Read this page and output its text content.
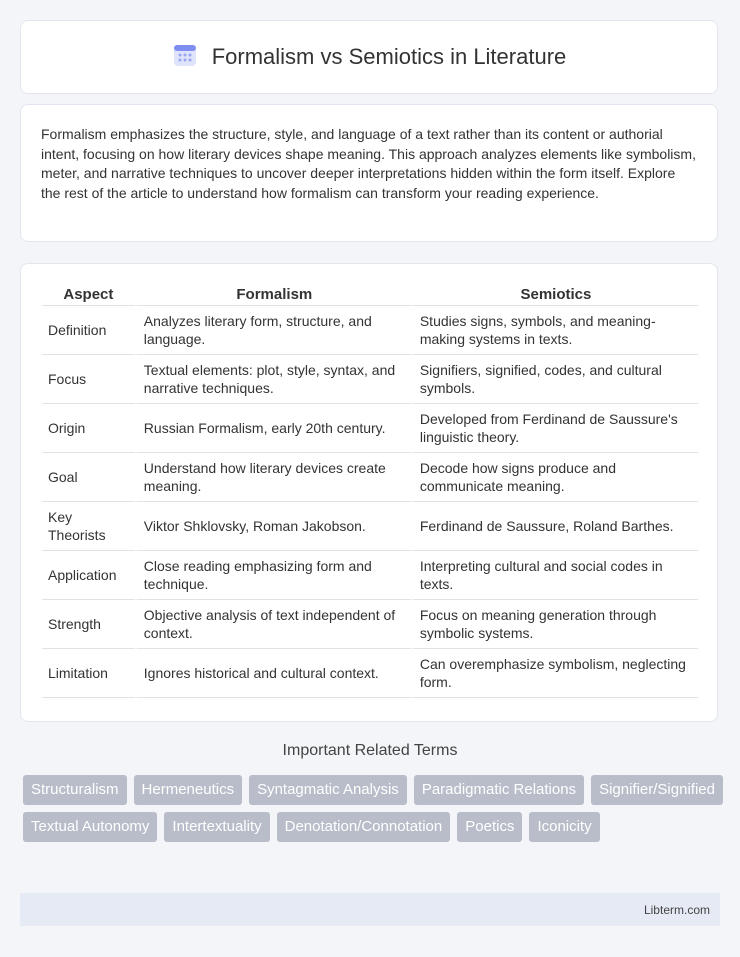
Formalism vs Semiotics in Literature
Formalism emphasizes the structure, style, and language of a text rather than its content or authorial intent, focusing on how literary devices shape meaning. This approach analyzes elements like symbolism, meter, and narrative techniques to uncover deeper interpretations hidden within the form itself. Explore the rest of the article to understand how formalism can transform your reading experience.
Aspect	Formalism	Semiotics
Definition	Analyzes literary form, structure, and language.	Studies signs, symbols, and meaning-making systems in texts.
Focus	Textual elements: plot, style, syntax, and narrative techniques.	Signifiers, signified, codes, and cultural symbols.
Origin	Russian Formalism, early 20th century.	Developed from Ferdinand de Saussure's linguistic theory.
Goal	Understand how literary devices create meaning.	Decode how signs produce and communicate meaning.
Key Theorists	Viktor Shklovsky, Roman Jakobson.	Ferdinand de Saussure, Roland Barthes.
Application	Close reading emphasizing form and technique.	Interpreting cultural and social codes in texts.
Strength	Objective analysis of text independent of context.	Focus on meaning generation through symbolic systems.
Limitation	Ignores historical and cultural context.	Can overemphasize symbolism, neglecting form.
Important Related Terms
Structuralism	Hermeneutics	Syntagmatic Analysis	Paradigmatic Relations	Signifier/Signified
Textual Autonomy	Intertextuality	Denotation/Connotation	Poetics	Iconicity
Libterm.com
